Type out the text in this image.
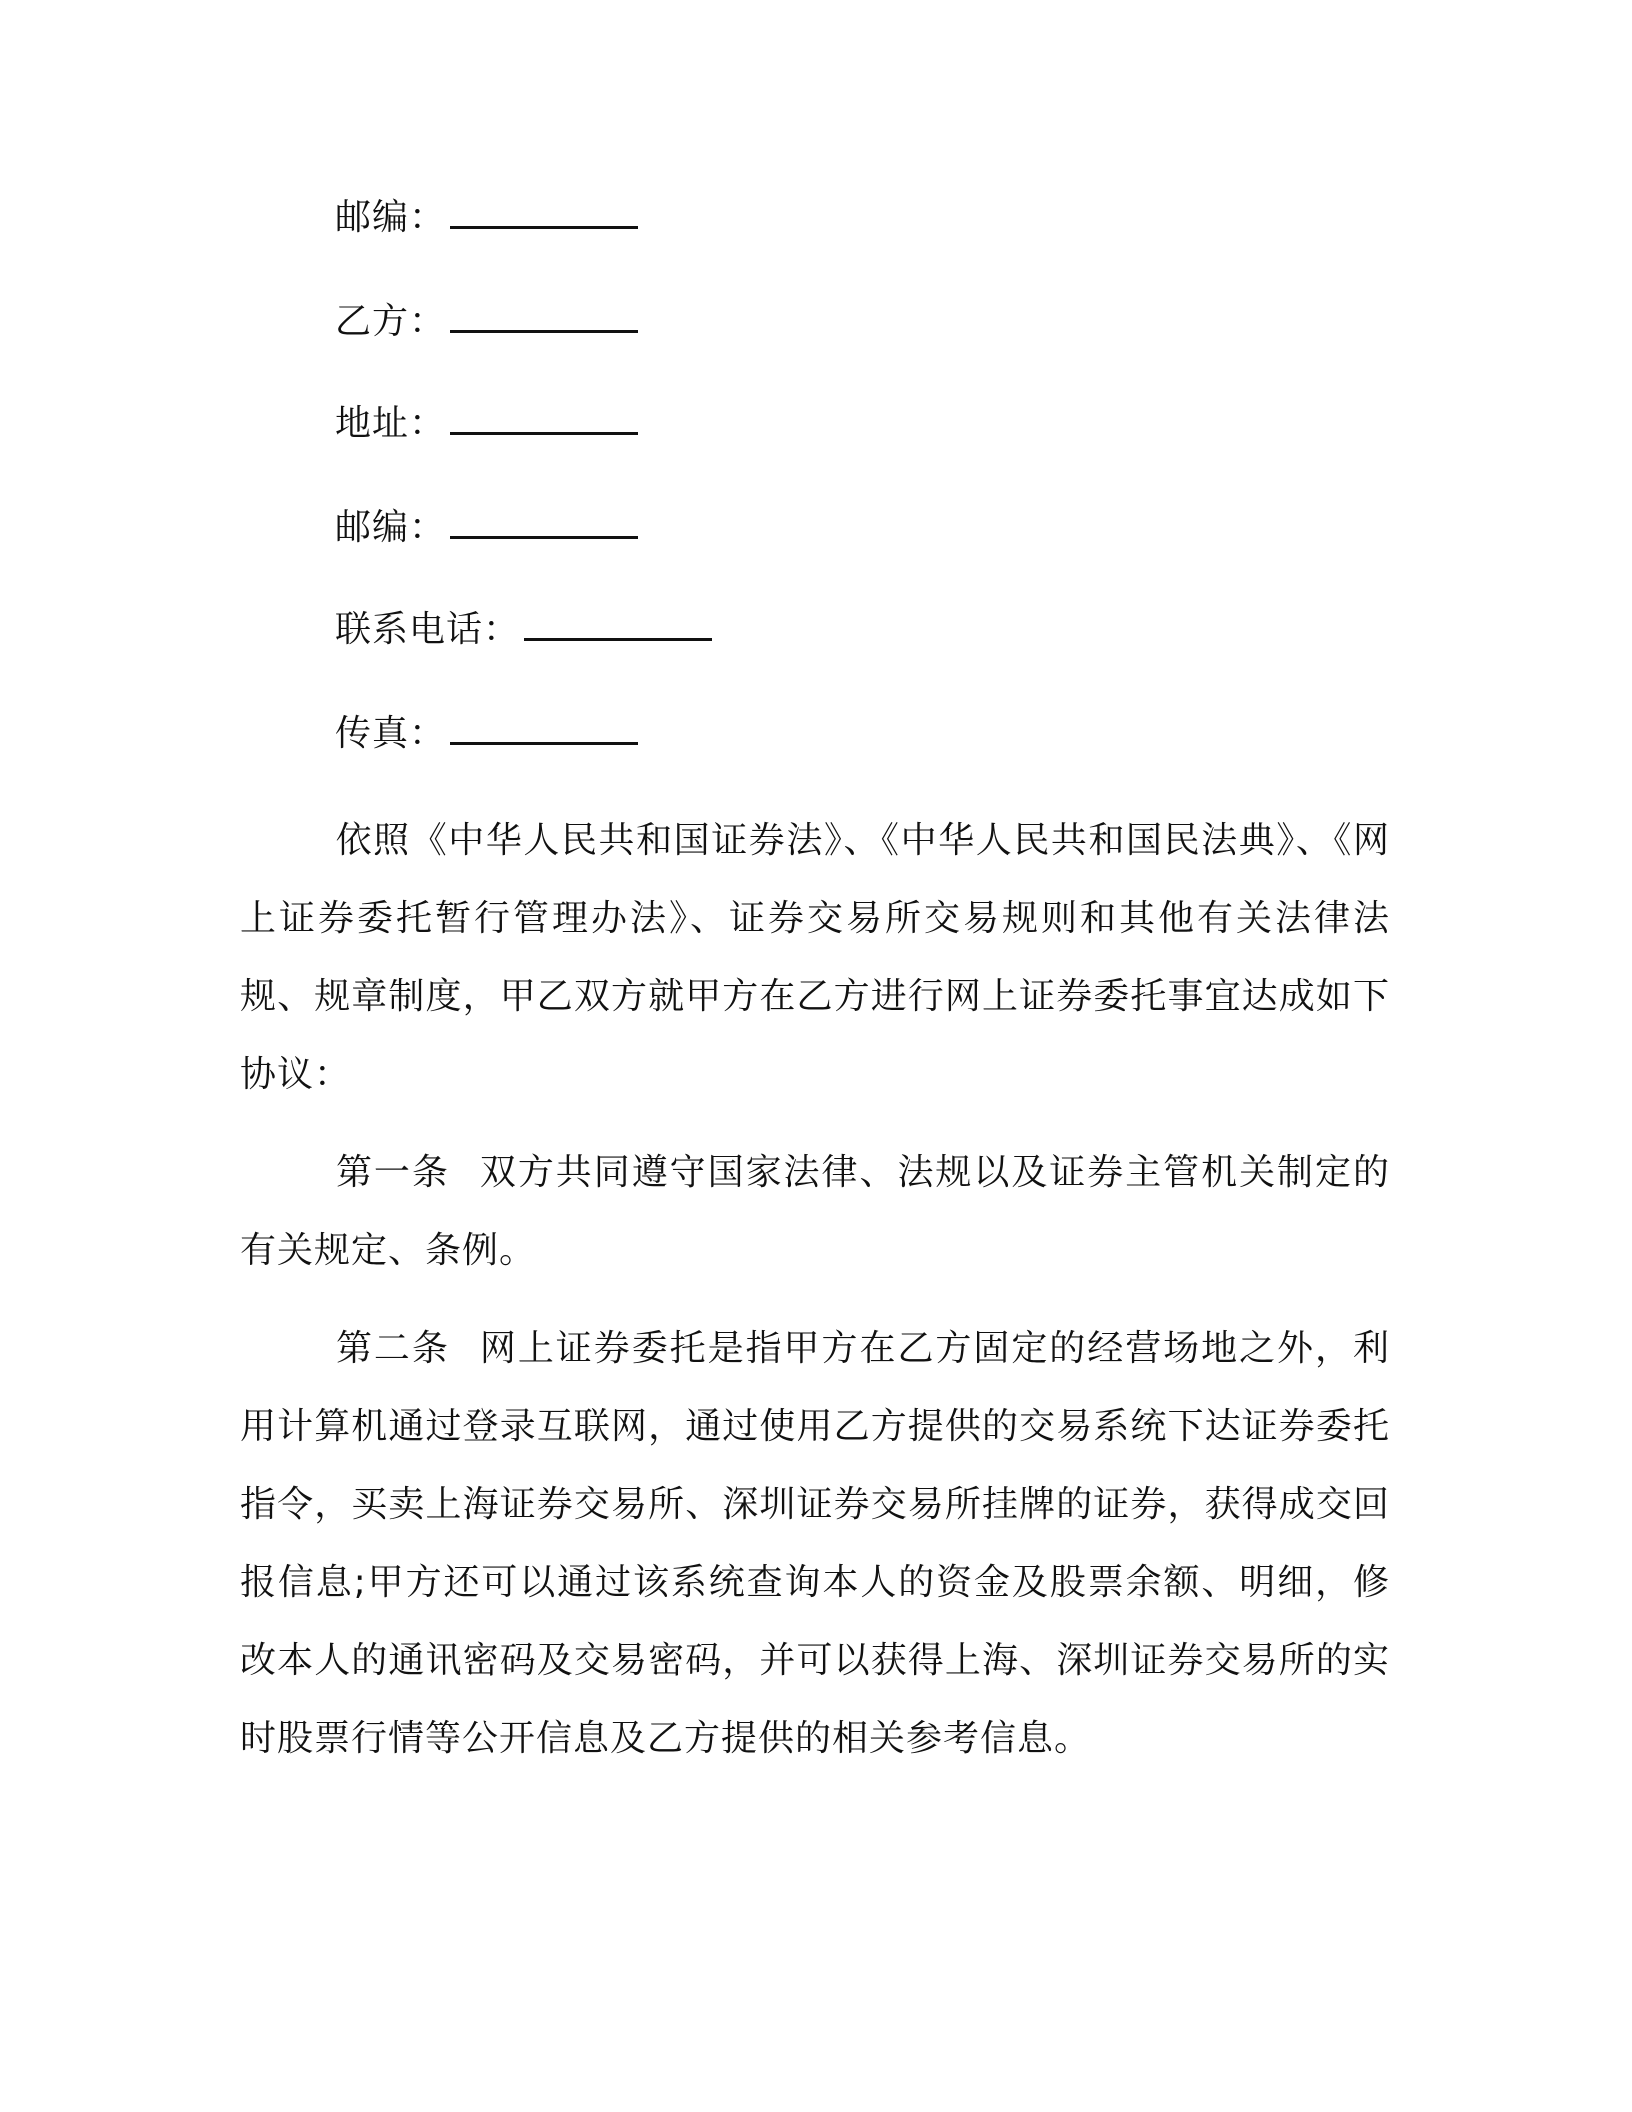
邮编：
乙方：
地址：
邮编：
联系电话：
传真：
依照《中华人民共和国证券法》、《中华人民共和国民法典》、《网上证券委托暂行管理办法》、证券交易所交易规则和其他有关法律法规、规章制度，甲乙双方就甲方在乙方进行网上证券委托事宜达成如下协议：
第一条 双方共同遵守国家法律、法规以及证券主管机关制定的有关规定、条例。
第二条 网上证券委托是指甲方在乙方固定的经营场地之外，利用计算机通过登录互联网，通过使用乙方提供的交易系统下达证券委托指令，买卖上海证券交易所、深圳证券交易所挂牌的证券，获得成交回报信息;甲方还可以通过该系统查询本人的资金及股票余额、明细，修改本人的通讯密码及交易密码，并可以获得上海、深圳证券交易所的实时股票行情等公开信息及乙方提供的相关参考信息。
